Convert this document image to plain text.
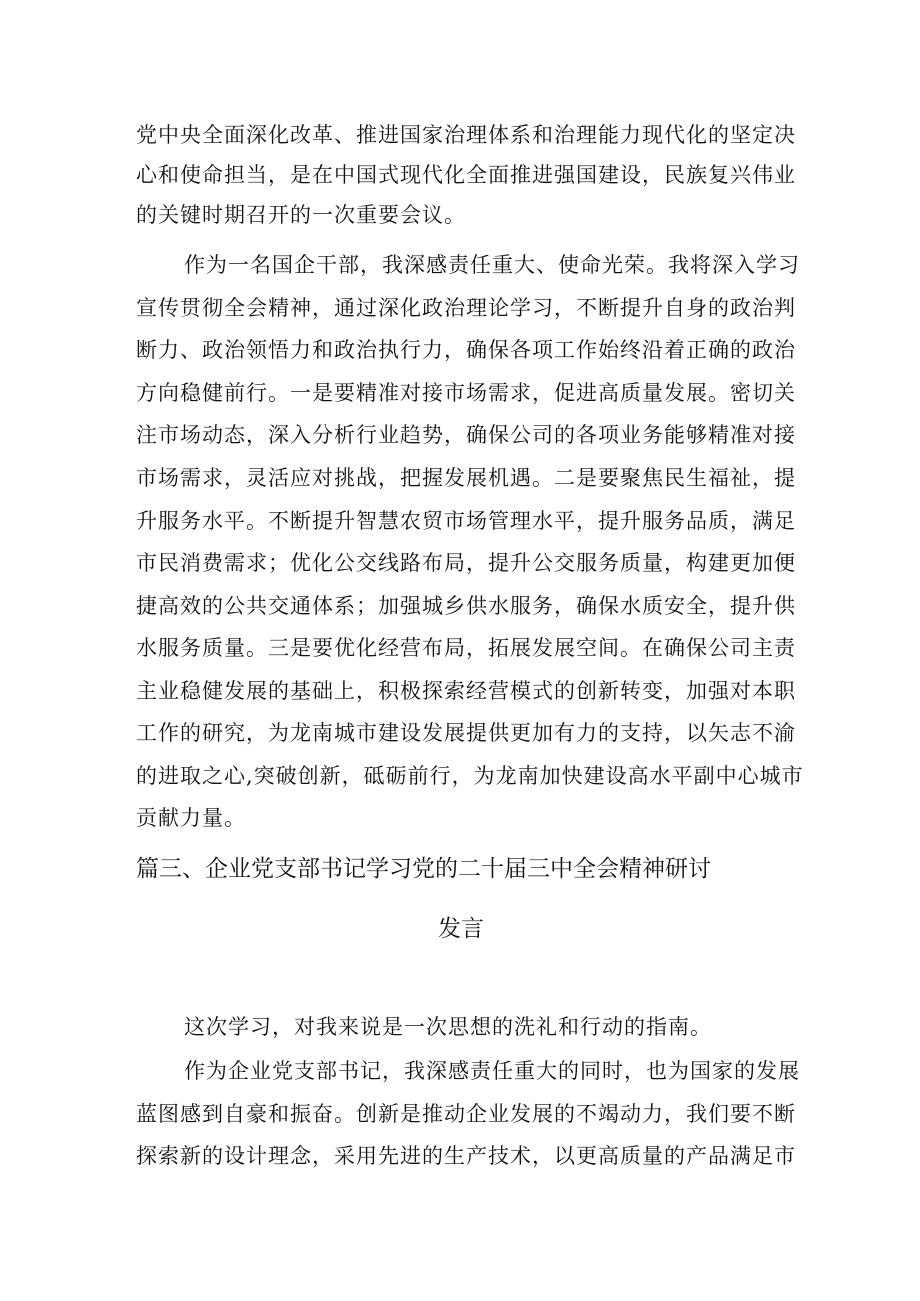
党中央全面深化改革、推进国家治理体系和治理能力现代化的坚定决

心和使命担当，是在中国式现代化全面推进强国建设，民族复兴伟业

的关键时期召开的一次重要会议。

作为一名国企干部，我深感责任重大、使命光荣。我将深入学习

宣传贯彻全会精神，通过深化政治理论学习，不断提升自身的政治判

断力、政治领悟力和政治执行力，确保各项工作始终沿着正确的政治

方向稳健前行。一是要精准对接市场需求，促进高质量发展。密切关

注市场动态，深入分析行业趋势，确保公司的各项业务能够精准对接

市场需求，灵活应对挑战，把握发展机遇。二是要聚焦民生福祉，提

升服务水平。不断提升智慧农贸市场管理水平，提升服务品质，满足

市民消费需求；优化公交线路布局，提升公交服务质量，构建更加便

捷高效的公共交通体系；加强城乡供水服务，确保水质安全，提升供

水服务质量。三是要优化经营布局，拓展发展空间。在确保公司主责

主业稳健发展的基础上，积极探索经营模式的创新转变，加强对本职

工作的研究，为龙南城市建设发展提供更加有力的支持，以矢志不渝

的进取之心,突破创新，砥砺前行，为龙南加快建设高水平副中心城市

贡献力量。

篇三、企业党支部书记学习党的二十届三中全会精神研讨
发言

这次学习，对我来说是一次思想的洗礼和行动的指南。

作为企业党支部书记，我深感责任重大的同时，也为国家的发展

蓝图感到自豪和振奋。创新是推动企业发展的不竭动力，我们要不断

探索新的设计理念，采用先进的生产技术，以更高质量的产品满足市
